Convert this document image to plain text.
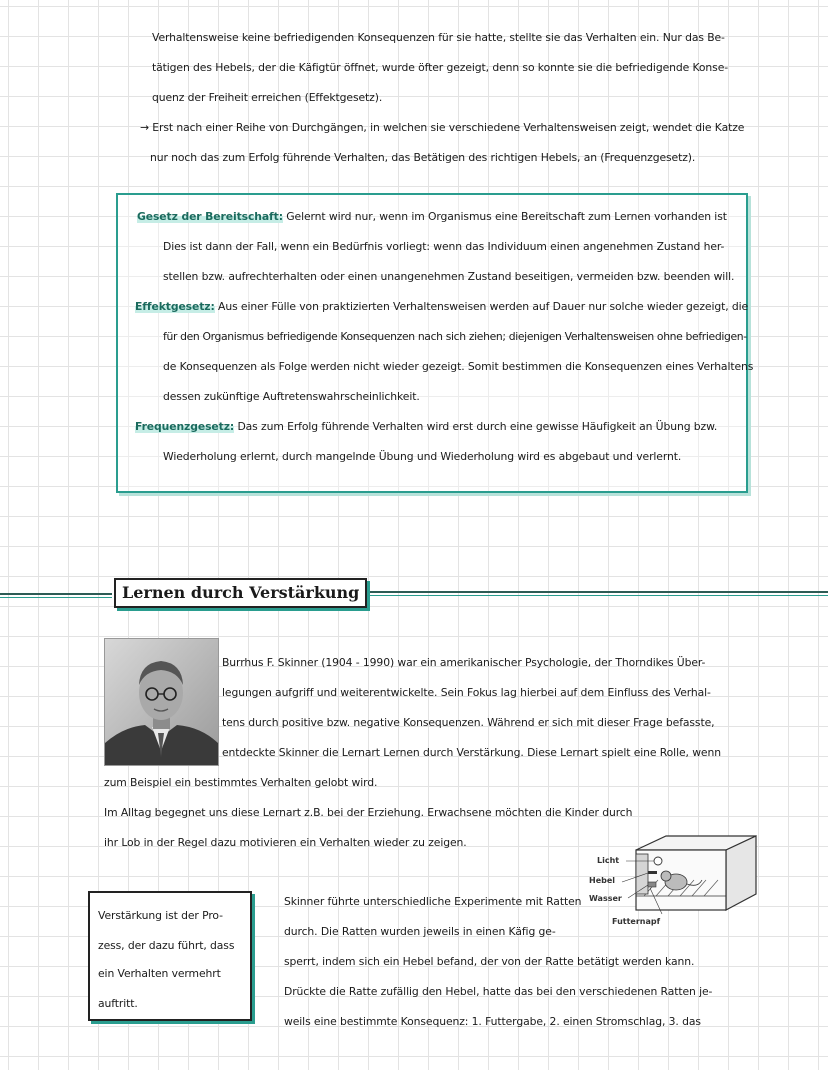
Verhaltensweise keine befriedigenden Konsequenzen für sie hatte, stellte sie das Verhalten ein. Nur das Be-
tätigen des Hebels, der die Käfigtür öffnet, wurde öfter gezeigt, denn so konnte sie die befriedigende Konse-
quenz der Freiheit erreichen (Effektgesetz).
→ Erst nach einer Reihe von Durchgängen, in welchen sie verschiedene Verhaltensweisen zeigt, wendet die Katze
nur noch das zum Erfolg führende Verhalten, das Betätigen des richtigen Hebels, an (Frequenzgesetz).
Gesetz der Bereitschaft: Gelernt wird nur, wenn im Organismus eine Bereitschaft zum Lernen vorhanden ist
Dies ist dann der Fall, wenn ein Bedürfnis vorliegt: wenn das Individuum einen angenehmen Zustand her-
stellen bzw. aufrechterhalten oder einen unangenehmen Zustand beseitigen, vermeiden bzw. beenden will.
Effektgesetz: Aus einer Fülle von praktizierten Verhaltensweisen werden auf Dauer nur solche wieder gezeigt, die
für den Organismus befriedigende Konsequenzen nach sich ziehen; diejenigen Verhaltensweisen ohne befriedigen-
de Konsequenzen als Folge werden nicht wieder gezeigt. Somit bestimmen die Konsequenzen eines Verhaltens
dessen zukünftige Auftretenswahrscheinlichkeit.
Frequenzgesetz: Das zum Erfolg führende Verhalten wird erst durch eine gewisse Häufigkeit an Übung bzw.
Wiederholung erlernt, durch mangelnde Übung und Wiederholung wird es abgebaut und verlernt.
Lernen durch Verstärkung
Burrhus F. Skinner (1904 - 1990) war ein amerikanischer Psychologie, der Thorndikes Über-
legungen aufgriff und weiterentwickelte. Sein Fokus lag hierbei auf dem Einfluss des Verhal-
tens durch positive bzw. negative Konsequenzen. Während er sich mit dieser Frage befasste,
entdeckte Skinner die Lernart Lernen durch Verstärkung. Diese Lernart spielt eine Rolle, wenn
zum Beispiel ein bestimmtes Verhalten gelobt wird.
Im Alltag begegnet uns diese Lernart z.B. bei der Erziehung. Erwachsene möchten die Kinder durch
ihr Lob in der Regel dazu motivieren ein Verhalten wieder zu zeigen.
Licht
Hebel
Wasser
Futternapf
Verstärkung ist der Pro-
zess, der dazu führt, dass
ein Verhalten vermehrt
auftritt.
Skinner führte unterschiedliche Experimente mit Ratten
durch. Die Ratten wurden jeweils in einen Käfig ge-
sperrt, indem sich ein Hebel befand, der von der Ratte betätigt werden kann.
Drückte die Ratte zufällig den Hebel, hatte das bei den verschiedenen Ratten je-
weils eine bestimmte Konsequenz: 1. Futtergabe, 2. einen Stromschlag, 3. das
